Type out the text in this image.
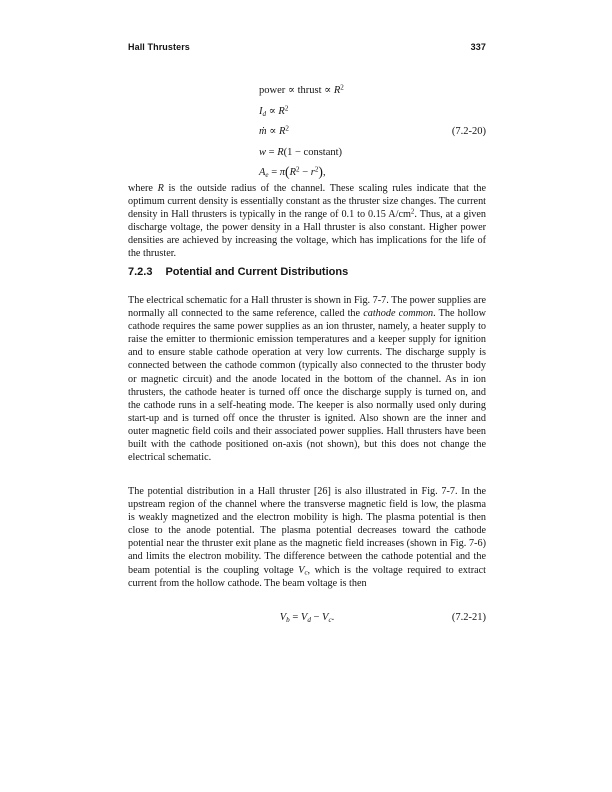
Hall Thrusters	337
power ∝ thrust ∝ $R^2$
$I_d \propto R^2$
ṁ ∝ $R^2$	(7.2-20)
w = R(1 − constant)
$A_e = \pi(R^2 - r^2)$,
where R is the outside radius of the channel. These scaling rules indicate that the optimum current density is essentially constant as the thruster size changes. The current density in Hall thrusters is typically in the range of 0.1 to 0.15 $A/cm^2$. Thus, at a given discharge voltage, the power density in a Hall thruster is also constant. Higher power densities are achieved by increasing the voltage, which has implications for the life of the thruster.
7.2.3 Potential and Current Distributions
The electrical schematic for a Hall thruster is shown in Fig. 7-7. The power supplies are normally all connected to the same reference, called the cathode common. The hollow cathode requires the same power supplies as an ion thruster, namely, a heater supply to raise the emitter to thermionic emission temperatures and a keeper supply for ignition and to ensure stable cathode operation at very low currents. The discharge supply is connected between the cathode common (typically also connected to the thruster body or magnetic circuit) and the anode located in the bottom of the channel. As in ion thrusters, the cathode heater is turned off once the discharge supply is turned on, and the cathode runs in a self-heating mode. The keeper is also normally used only during start-up and is turned off once the thruster is ignited. Also shown are the inner and outer magnetic field coils and their associated power supplies. Hall thrusters have been built with the cathode positioned on-axis (not shown), but this does not change the electrical schematic.
The potential distribution in a Hall thruster [26] is also illustrated in Fig. 7-7. In the upstream region of the channel where the transverse magnetic field is low, the plasma is weakly magnetized and the electron mobility is high. The plasma potential is then close to the anode potential. The plasma potential decreases toward the cathode potential near the thruster exit plane as the magnetic field increases (shown in Fig. 7-6) and limits the electron mobility. The difference between the cathode potential and the beam potential is the coupling voltage $V_c$, which is the voltage required to extract current from the hollow cathode. The beam voltage is then
$V_b = V_d - V_c$.	(7.2-21)
